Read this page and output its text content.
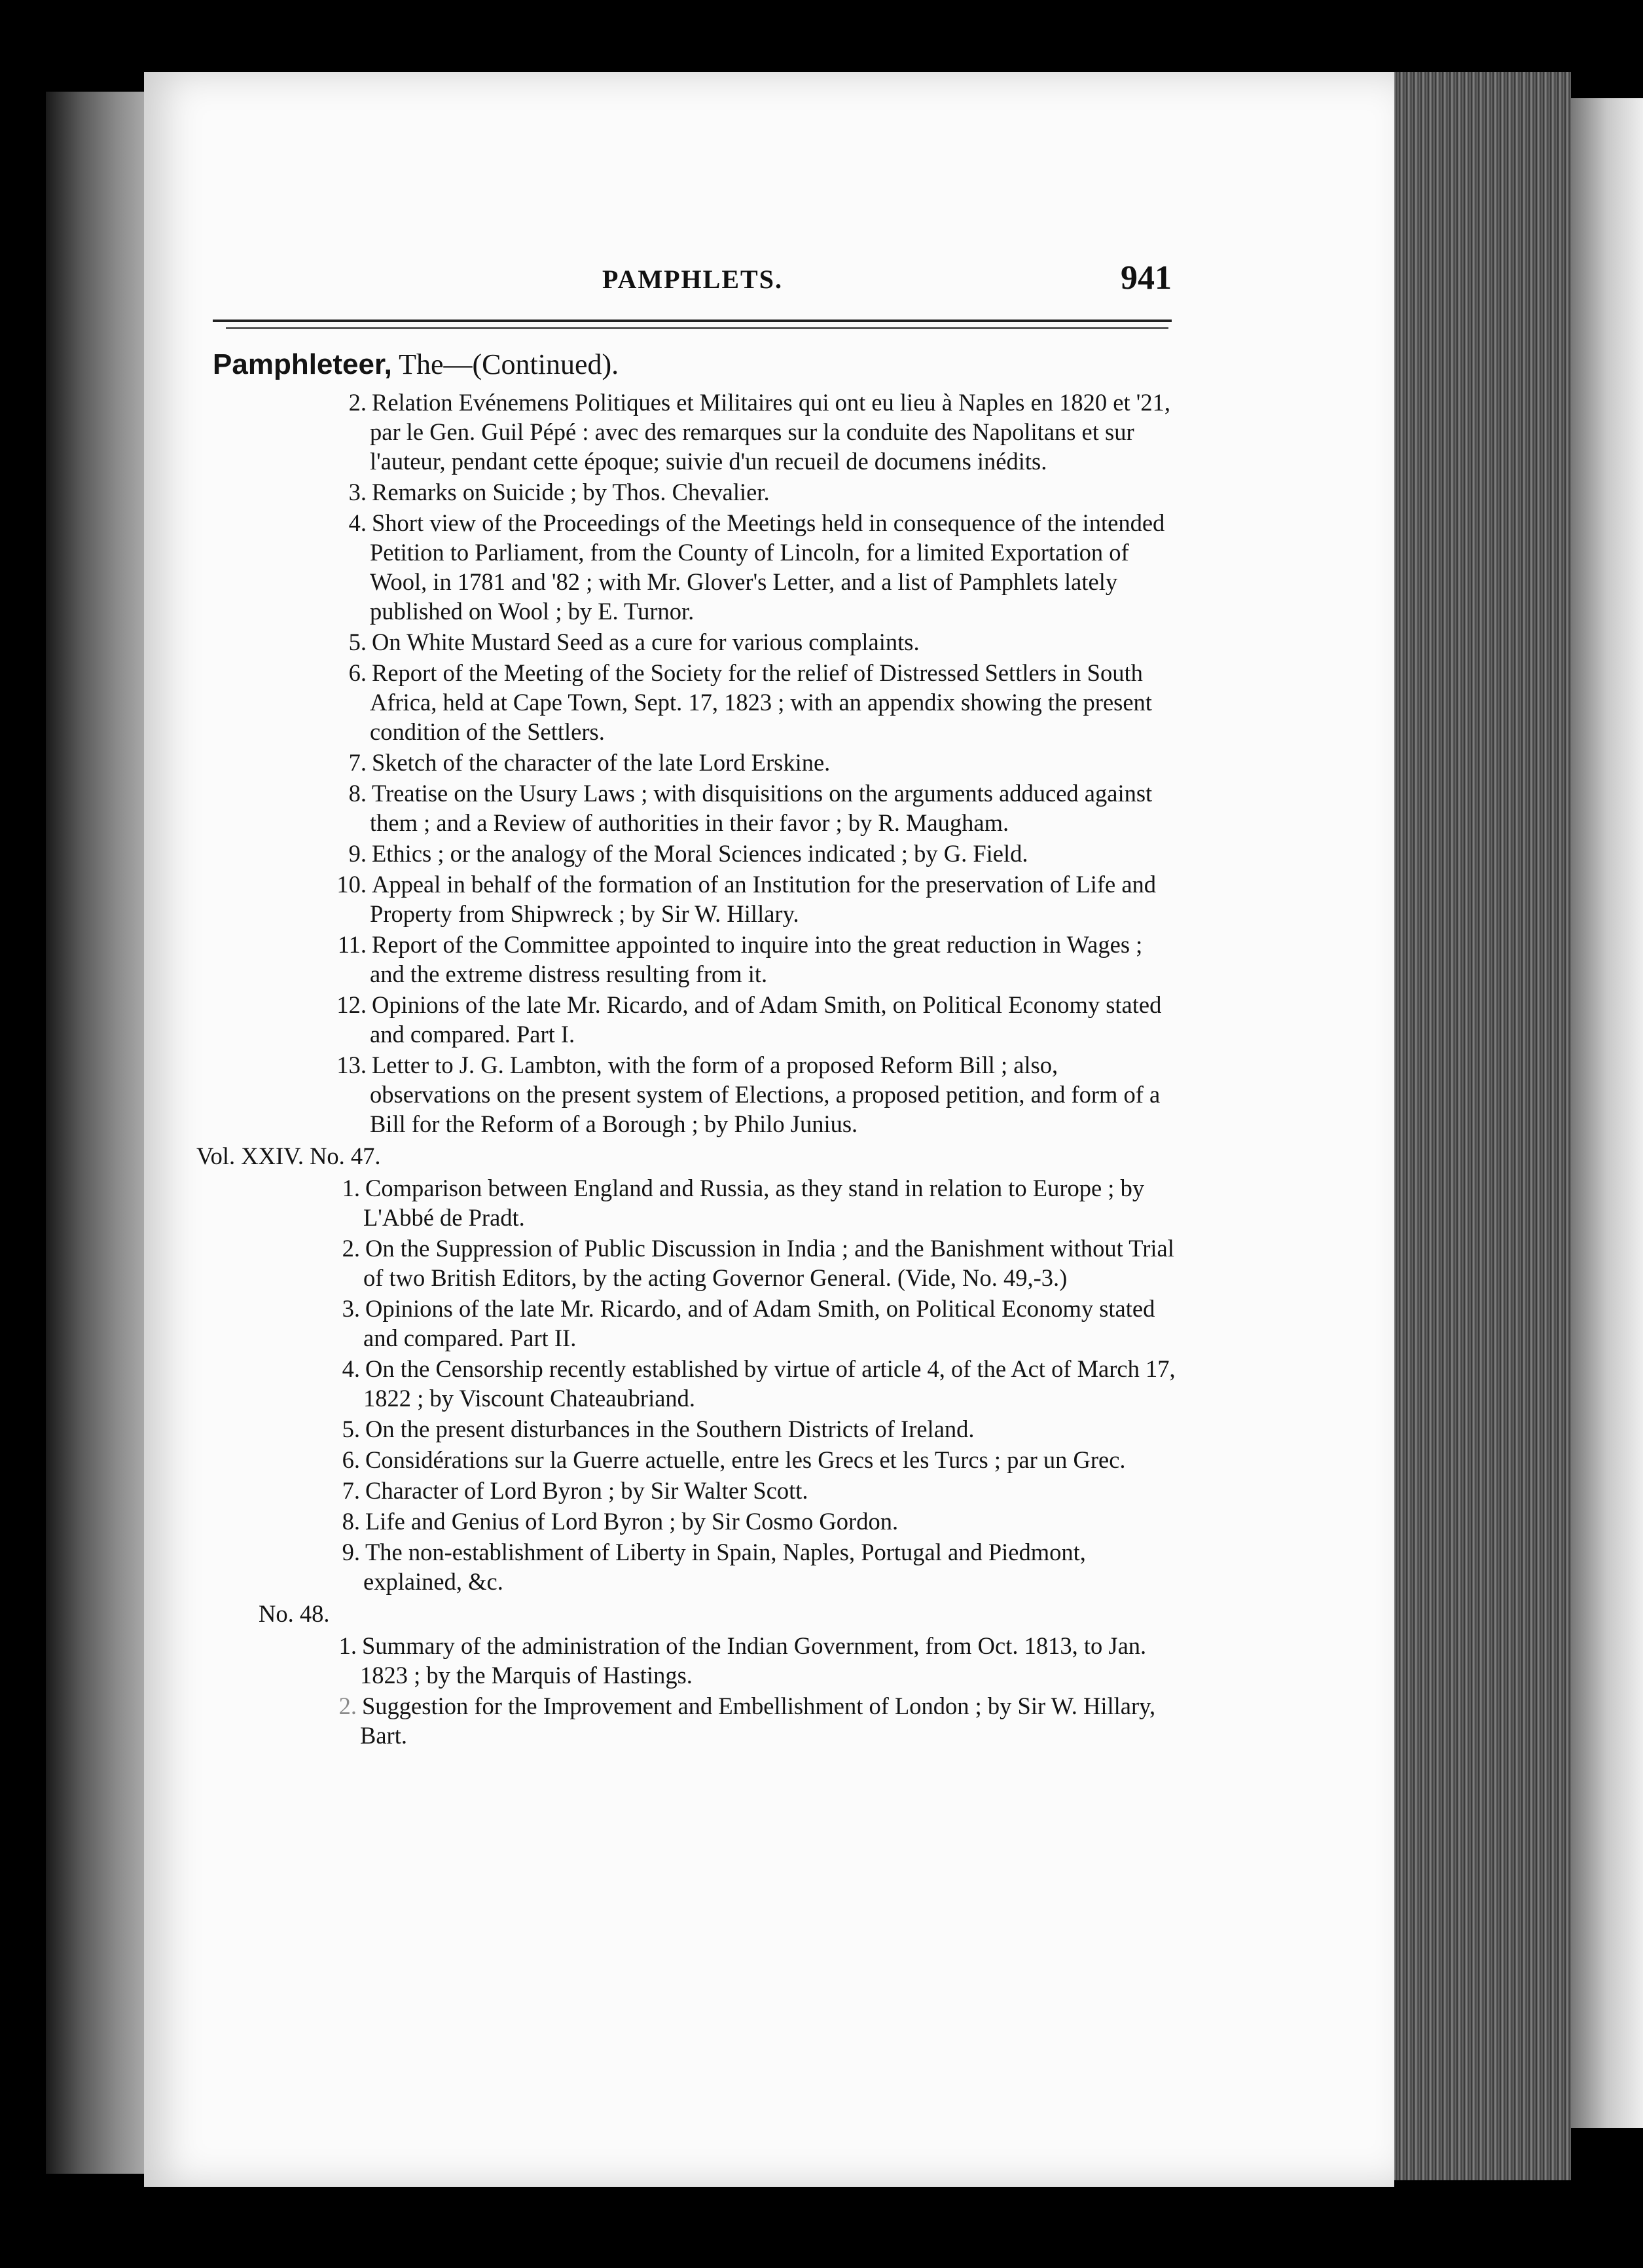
PAMPHLETS.	941
Pamphleteer, The—(Continued).
2. Relation Evénemens Politiques et Militaires qui ont eu lieu à Naples en 1820 et '21, par le Gen. Guil Pépé : avec des remarques sur la conduite des Napolitans et sur l'auteur, pendant cette époque; suivie d'un recueil de documens inédits.
3. Remarks on Suicide ; by Thos. Chevalier.
4. Short view of the Proceedings of the Meetings held in consequence of the intended Petition to Parliament, from the County of Lincoln, for a limited Exportation of Wool, in 1781 and '82 ; with Mr. Glover's Letter, and a list of Pamphlets lately published on Wool ; by E. Turnor.
5. On White Mustard Seed as a cure for various complaints.
6. Report of the Meeting of the Society for the relief of Distressed Settlers in South Africa, held at Cape Town, Sept. 17, 1823 ; with an appendix showing the present condition of the Settlers.
7. Sketch of the character of the late Lord Erskine.
8. Treatise on the Usury Laws ; with disquisitions on the arguments adduced against them ; and a Review of authorities in their favor ; by R. Maugham.
9. Ethics ; or the analogy of the Moral Sciences indicated ; by G. Field.
10. Appeal in behalf of the formation of an Institution for the preservation of Life and Property from Shipwreck ; by Sir W. Hillary.
11. Report of the Committee appointed to inquire into the great reduction in Wages ; and the extreme distress resulting from it.
12. Opinions of the late Mr. Ricardo, and of Adam Smith, on Political Economy stated and compared. Part I.
13. Letter to J. G. Lambton, with the form of a proposed Reform Bill ; also, observations on the present system of Elections, a proposed petition, and form of a Bill for the Reform of a Borough ; by Philo Junius.
Vol. XXIV. No. 47.
1. Comparison between England and Russia, as they stand in relation to Europe ; by L'Abbé de Pradt.
2. On the Suppression of Public Discussion in India ; and the Banishment without Trial of two British Editors, by the acting Governor General. (Vide, No. 49,-3.)
3. Opinions of the late Mr. Ricardo, and of Adam Smith, on Political Economy stated and compared. Part II.
4. On the Censorship recently established by virtue of article 4, of the Act of March 17, 1822 ; by Viscount Chateaubriand.
5. On the present disturbances in the Southern Districts of Ireland.
6. Considérations sur la Guerre actuelle, entre les Grecs et les Turcs ; par un Grec.
7. Character of Lord Byron ; by Sir Walter Scott.
8. Life and Genius of Lord Byron ; by Sir Cosmo Gordon.
9. The non-establishment of Liberty in Spain, Naples, Portugal and Piedmont, explained, &c.
No. 48.
1. Summary of the administration of the Indian Government, from Oct. 1813, to Jan. 1823 ; by the Marquis of Hastings.
2. Suggestion for the Improvement and Embellishment of London ; by Sir W. Hillary, Bart.
